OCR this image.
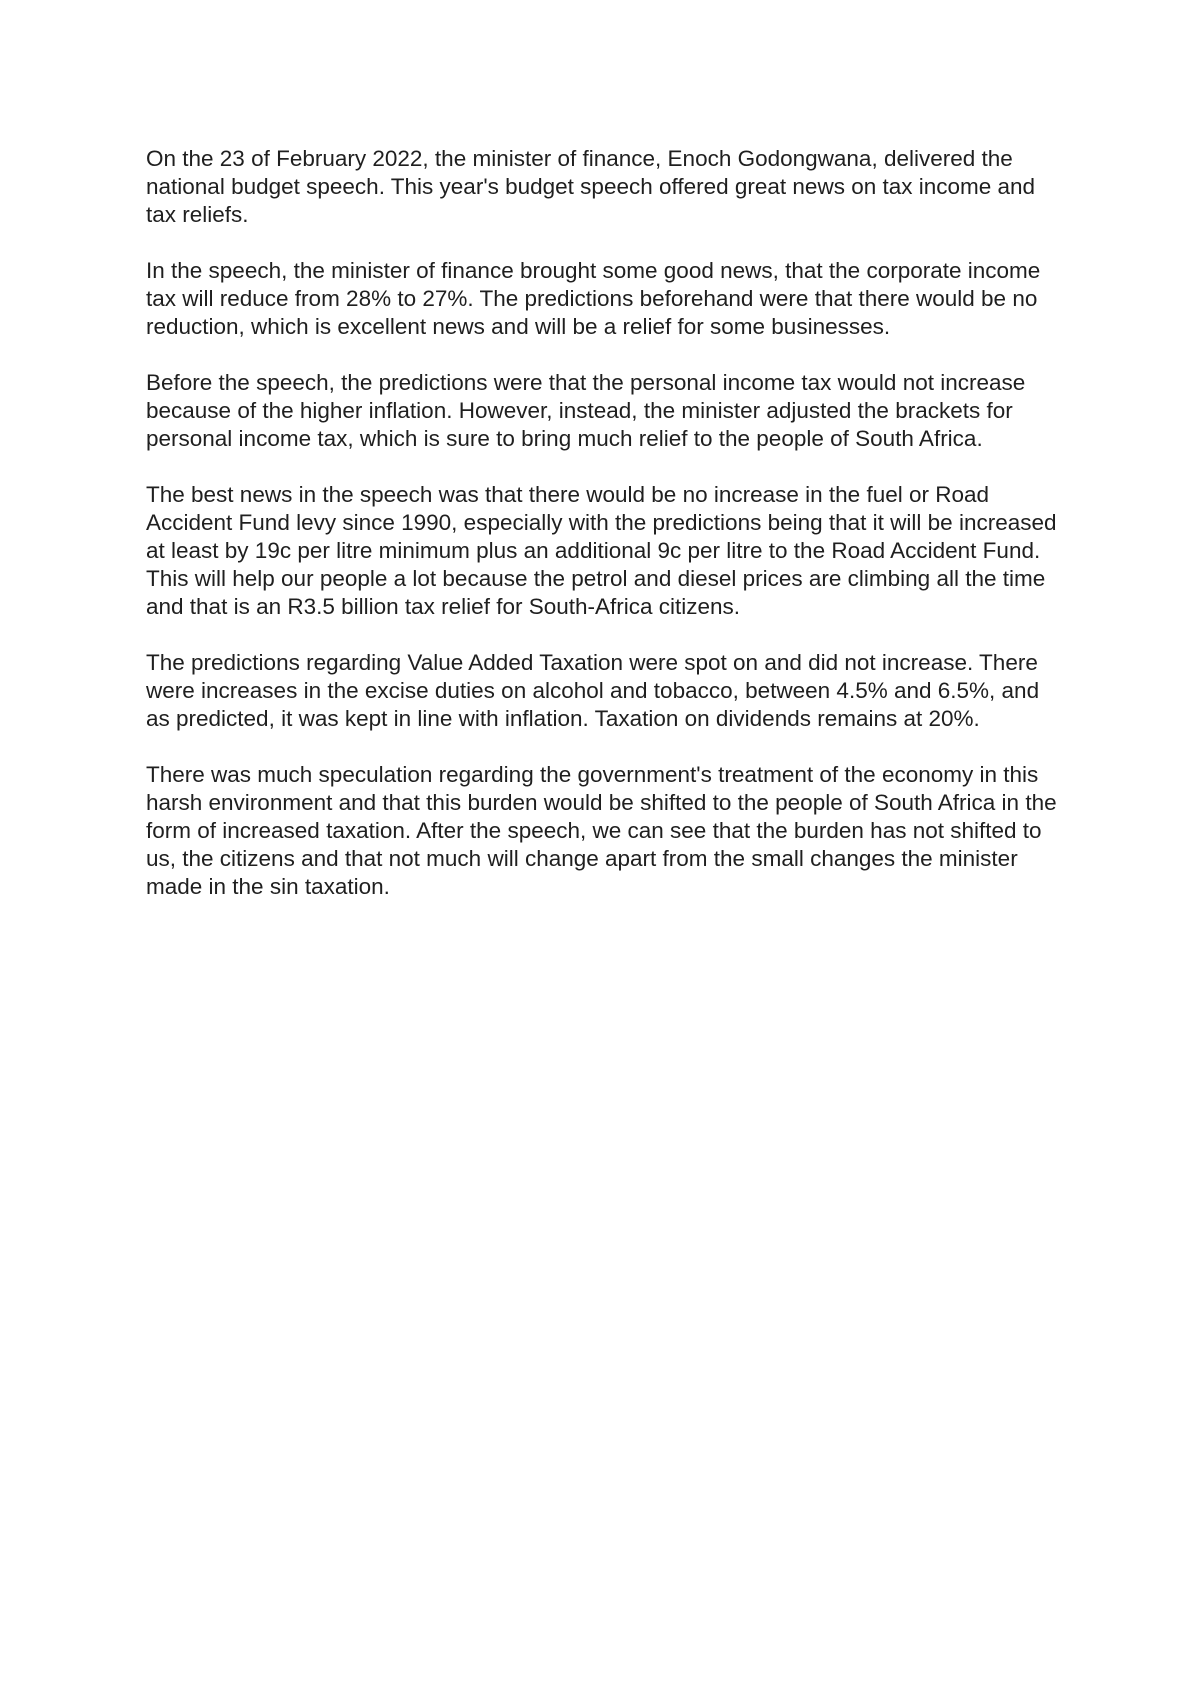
On the 23 of February 2022, the minister of finance, Enoch Godongwana, delivered the national budget speech. This year's budget speech offered great news on tax income and tax reliefs.

In the speech, the minister of finance brought some good news, that the corporate income tax will reduce from 28% to 27%. The predictions beforehand were that there would be no reduction, which is excellent news and will be a relief for some businesses.

Before the speech, the predictions were that the personal income tax would not increase because of the higher inflation. However, instead, the minister adjusted the brackets for personal income tax, which is sure to bring much relief to the people of South Africa.

The best news in the speech was that there would be no increase in the fuel or Road Accident Fund levy since 1990, especially with the predictions being that it will be increased at least by 19c per litre minimum plus an additional 9c per litre to the Road Accident Fund. This will help our people a lot because the petrol and diesel prices are climbing all the time and that is an R3.5 billion tax relief for South-Africa citizens.

The predictions regarding Value Added Taxation were spot on and did not increase. There were increases in the excise duties on alcohol and tobacco, between 4.5% and 6.5%, and as predicted, it was kept in line with inflation. Taxation on dividends remains at 20%.

There was much speculation regarding the government's treatment of the economy in this harsh environment and that this burden would be shifted to the people of South Africa in the form of increased taxation. After the speech, we can see that the burden has not shifted to us, the citizens and that not much will change apart from the small changes the minister made in the sin taxation.
